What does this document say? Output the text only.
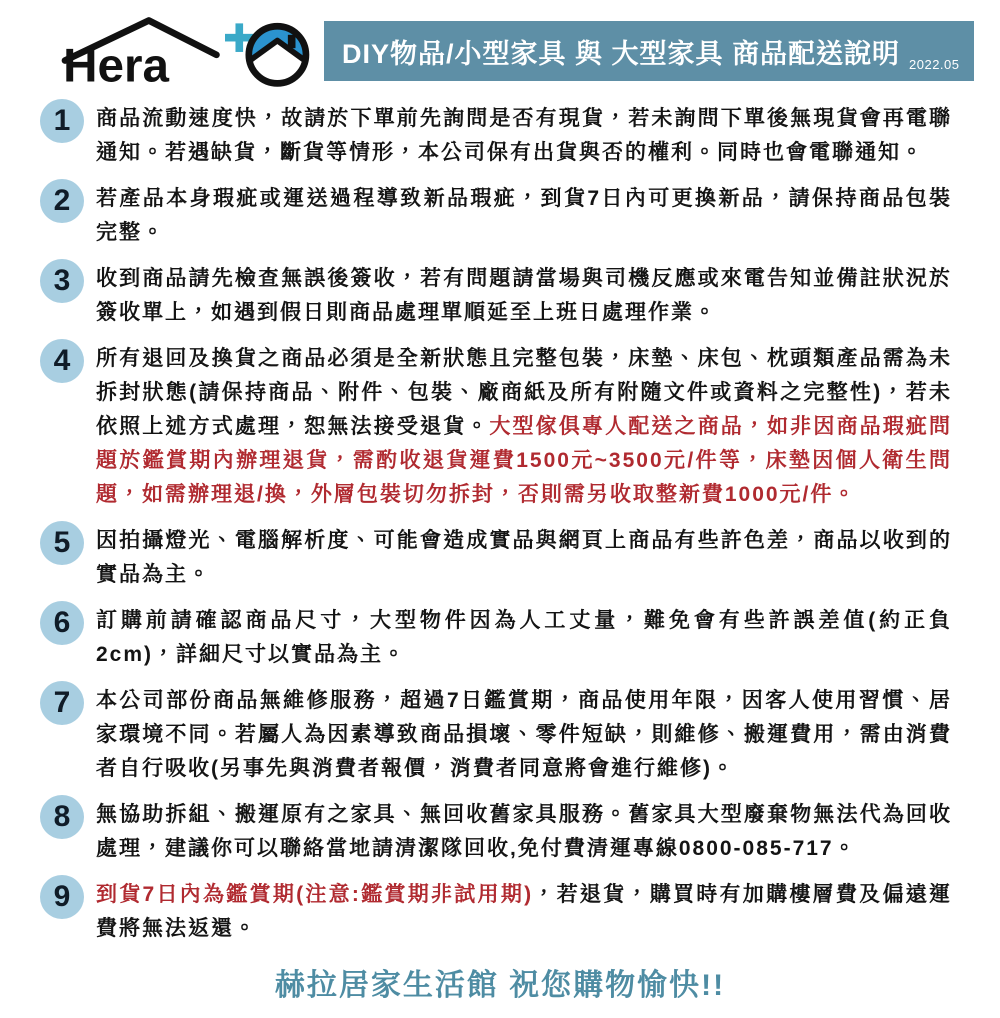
Hera	DIY物品/小型家具 與 大型家具 商品配送說明 2022.05
1	商品流動速度快，故請於下單前先詢問是否有現貨，若未詢問下單後無現貨會再電聯通知。若遇缺貨，斷貨等情形，本公司保有出貨與否的權利。同時也會電聯通知。
2	若產品本身瑕疵或運送過程導致新品瑕疵，到貨7日內可更換新品，請保持商品包裝完整。
3	收到商品請先檢查無誤後簽收，若有問題請當場與司機反應或來電告知並備註狀況於簽收單上，如遇到假日則商品處理單順延至上班日處理作業。
4	所有退回及換貨之商品必須是全新狀態且完整包裝，床墊、床包、枕頭類產品需為未拆封狀態(請保持商品、附件、包裝、廠商紙及所有附隨文件或資料之完整性)，若未依照上述方式處理，恕無法接受退貨。大型傢俱專人配送之商品，如非因商品瑕疵問題於鑑賞期內辦理退貨，需酌收退貨運費1500元~3500元/件等，床墊因個人衛生問題，如需辦理退/換，外層包裝切勿拆封，否則需另收取整新費1000元/件。
5	因拍攝燈光、電腦解析度、可能會造成實品與網頁上商品有些許色差，商品以收到的實品為主。
6	訂購前請確認商品尺寸，大型物件因為人工丈量，難免會有些許誤差值(約正負2cm)，詳細尺寸以實品為主。
7	本公司部份商品無維修服務，超過7日鑑賞期，商品使用年限，因客人使用習慣、居家環境不同。若屬人為因素導致商品損壞、零件短缺，則維修、搬運費用，需由消費者自行吸收(另事先與消費者報價，消費者同意將會進行維修)。
8	無協助拆組、搬運原有之家具、無回收舊家具服務。舊家具大型廢棄物無法代為回收處理，建議你可以聯絡當地請清潔隊回收,免付費清運專線0800-085-717。
9	到貨7日內為鑑賞期(注意:鑑賞期非試用期)，若退貨，購買時有加購樓層費及偏遠運費將無法返還。
赫拉居家生活館 祝您購物愉快!!
